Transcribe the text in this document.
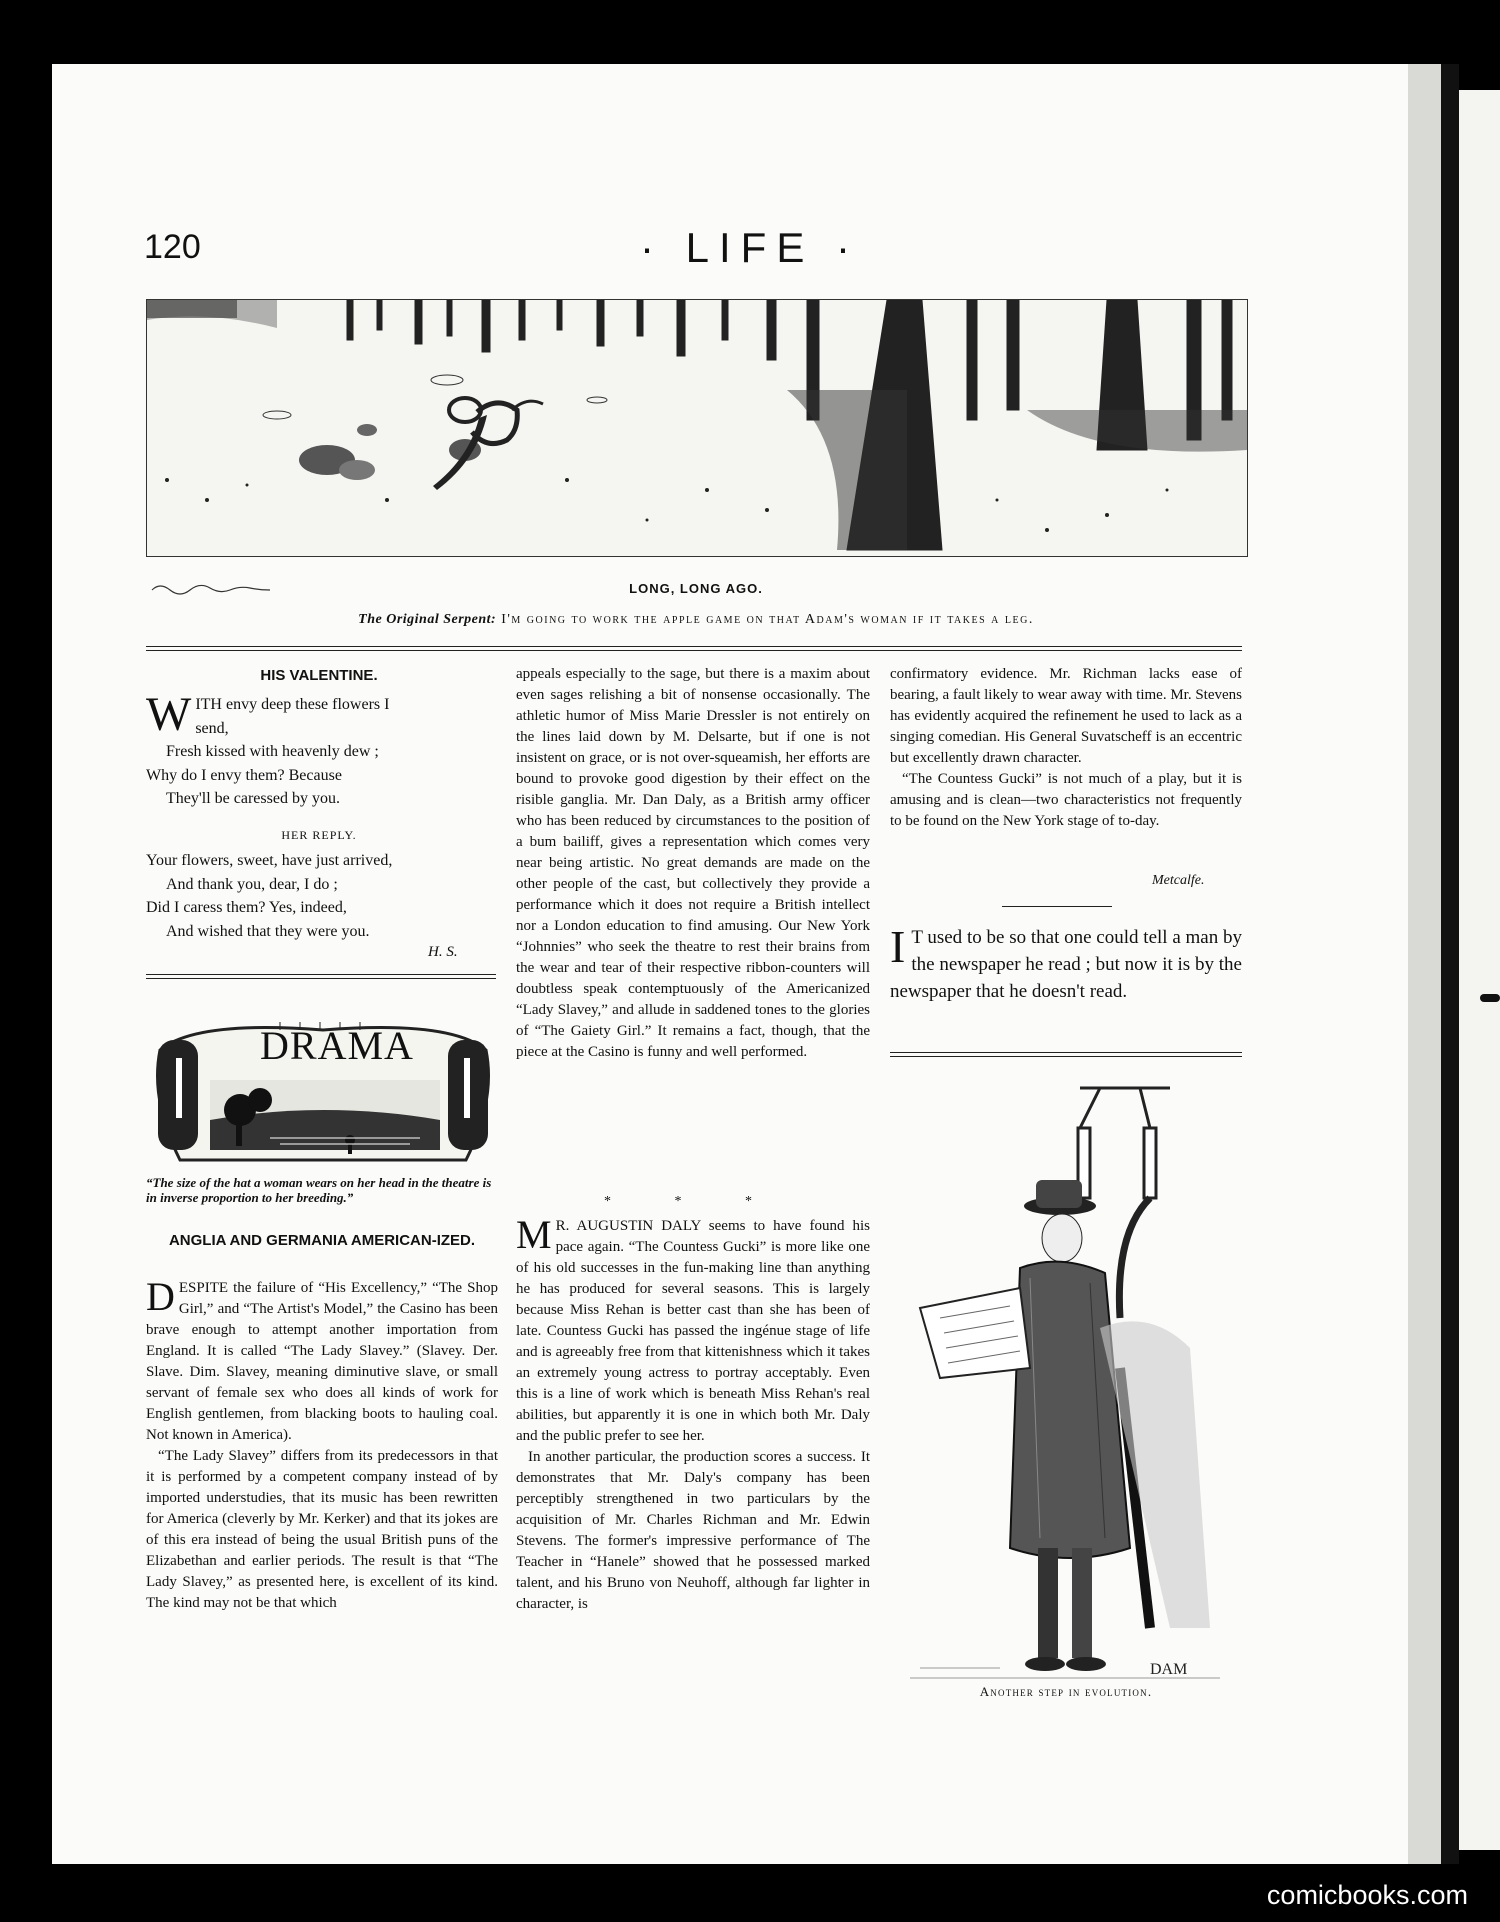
120	· LIFE ·
LONG, LONG AGO.
The Original Serpent: I'm going to work the apple game on that Adam's woman if it takes a leg.
HIS VALENTINE.
W ITH envy deep these flowers I
send,
Fresh kissed with heavenly dew ;
Why do I envy them? Because
They'll be caressed by you.
HER REPLY.
Your flowers, sweet, have just arrived,
And thank you, dear, I do ;
Did I caress them? Yes, indeed,
And wished that they were you.
H. S.
DRAMA
“The size of the hat a woman wears on her head in the theatre is in inverse proportion to her breeding.”
ANGLIA AND GERMANIA AMERICAN-IZED.

DESPITE the failure of “His Excellency,” “The Shop Girl,” and “The Artist's Model,” the Casino has been brave enough to attempt another importation from England. It is called “The Lady Slavey.” (Slavey. Der. Slave. Dim. Slavey, meaning diminutive slave, or small servant of female sex who does all kinds of work for English gentlemen, from blacking boots to hauling coal. Not known in America).

“The Lady Slavey” differs from its predecessors in that it is performed by a competent company instead of by imported understudies, that its music has been rewritten for America (cleverly by Mr. Kerker) and that its jokes are of this era instead of being the usual British puns of the Elizabethan and earlier periods. The result is that “The Lady Slavey,” as presented here, is excellent of its kind. The kind may not be that which

appeals especially to the sage, but there is a maxim about even sages relishing a bit of nonsense occasionally. The athletic humor of Miss Marie Dressler is not entirely on the lines laid down by M. Delsarte, but if one is not insistent on grace, or is not over-squeamish, her efforts are bound to provoke good digestion by their effect on the risible ganglia. Mr. Dan Daly, as a British army officer who has been reduced by circumstances to the position of a bum bailiff, gives a representation which comes very near being artistic. No great demands are made on the other people of the cast, but collectively they provide a performance which it does not require a British intellect nor a London education to find amusing. Our New York “Johnnies” who seek the theatre to rest their brains from the wear and tear of their respective ribbon-counters will doubtless speak contemptuously of the Americanized “Lady Slavey,” and allude in saddened tones to the glories of “The Gaiety Girl.” It remains a fact, though, that the piece at the Casino is funny and well performed.

* * *

M R. AUGUSTIN DALY seems to have found his pace again. “The Countess Gucki” is more like one of his old successes in the fun-making line than anything he has produced for several seasons. This is largely because Miss Rehan is better cast than she has been of late. Countess Gucki has passed the ingénue stage of life and is agreeably free from that kittenishness which it takes an extremely young actress to portray acceptably. Even this is a line of work which is beneath Miss Rehan's real abilities, but apparently it is one in which both Mr. Daly and the public prefer to see her.

In another particular, the production scores a success. It demonstrates that Mr. Daly's company has been perceptibly strengthened in two particulars by the acquisition of Mr. Charles Richman and Mr. Edwin Stevens. The former's impressive performance of The Teacher in “Hanele” showed that he possessed marked talent, and his Bruno von Neuhoff, although far lighter in character, is

confirmatory evidence. Mr. Richman lacks ease of bearing, a fault likely to wear away with time. Mr. Stevens has evidently acquired the refinement he used to lack as a singing comedian. His General Suvatscheff is an eccentric but excellently drawn character.

“The Countess Gucki” is not much of a play, but it is amusing and is clean—two characteristics not frequently to be found on the New York stage of to-day.

Metcalfe.
I T used to be so that one could tell a man by the newspaper he read ; but now it is by the newspaper that he doesn't read.
DAM
Another step in evolution.
comicbooks.com
